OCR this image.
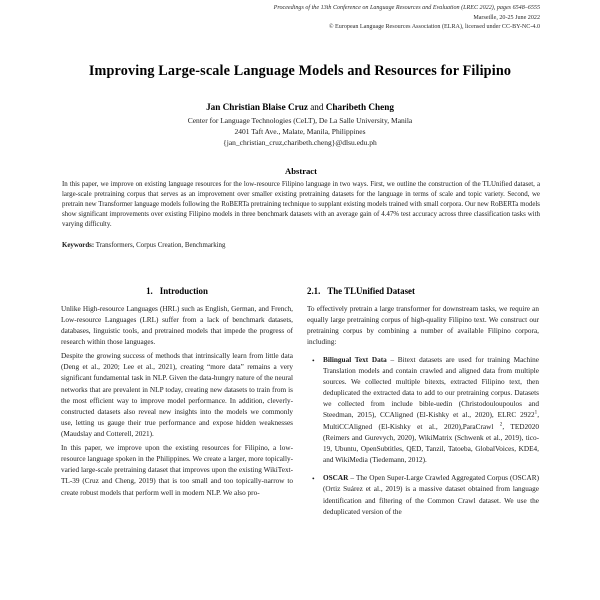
Proceedings of the 13th Conference on Language Resources and Evaluation (LREC 2022), pages 6548–6555
Marseille, 20-25 June 2022
© European Language Resources Association (ELRA), licensed under CC-BY-NC-4.0
Improving Large-scale Language Models and Resources for Filipino
Jan Christian Blaise Cruz and Charibeth Cheng
Center for Language Technologies (CeLT), De La Salle University, Manila
2401 Taft Ave., Malate, Manila, Philippines
{jan_christian_cruz,charibeth.cheng}@dlsu.edu.ph
Abstract
In this paper, we improve on existing language resources for the low-resource Filipino language in two ways. First, we outline the construction of the TLUnified dataset, a large-scale pretraining corpus that serves as an improvement over smaller existing pretraining datasets for the language in terms of scale and topic variety. Second, we pretrain new Transformer language models following the RoBERTa pretraining technique to supplant existing models trained with small corpora. Our new RoBERTa models show significant improvements over existing Filipino models in three benchmark datasets with an average gain of 4.47% test accuracy across three classification tasks with varying difficulty.
Keywords: Transformers, Corpus Creation, Benchmarking
1. Introduction

Unlike High-resource Languages (HRL) such as English, German, and French, Low-resource Languages (LRL) suffer from a lack of benchmark datasets, databases, linguistic tools, and pretrained models that impede the progress of research within those languages.

Despite the growing success of methods that intrinsically learn from little data (Deng et al., 2020; Lee et al., 2021), creating “more data” remains a very significant fundamental task in NLP. Given the data-hungry nature of the neural networks that are prevalent in NLP today, creating new datasets to train from is the most efficient way to improve model performance. In addition, cleverly-constructed datasets also reveal new insights into the models we commonly use, letting us gauge their true performance and expose hidden weaknesses (Maudslay and Cotterell, 2021).

In this paper, we improve upon the existing resources for Filipino, a low-resource language spoken in the Philippines. We create a larger, more topically-varied large-scale pretraining dataset that improves upon the existing WikiText-TL-39 (Cruz and Cheng, 2019) that is too small and too topically-narrow to create robust models that perform well in modern NLP. We also pro-

2.1. The TLUnified Dataset

To effectively pretrain a large transformer for downstream tasks, we require an equally large pretraining corpus of high-quality Filipino text. We construct our pretraining corpus by combining a number of available Filipino corpora, including:

• Bilingual Text Data – Bitext datasets are used for training Machine Translation models and contain crawled and aligned data from multiple sources. We collected multiple bitexts, extracted Filipino text, then deduplicated the extracted data to add to our pretraining corpus. Datasets we collected from include bible-uedin (Christodouloupoulos and Steedman, 2015), CCAligned (El-Kishky et al., 2020), ELRC 2922$^1$, MultiCCAligned (El-Kishky et al., 2020),ParaCrawl $^2$, TED2020 (Reimers and Gurevych, 2020), WikiMatrix (Schwenk et al., 2019), tico-19, Ubuntu, OpenSubtitles, QED, Tanzil, Tatoeba, GlobalVoices, KDE4, and WikiMedia (Tiedemann, 2012).
• OSCAR – The Open Super-Large Crawled Aggregated Corpus (OSCAR) (Ortiz Suárez et al., 2019) is a massive dataset obtained from language identification and filtering of the Common Crawl dataset. We use the deduplicated version of the
